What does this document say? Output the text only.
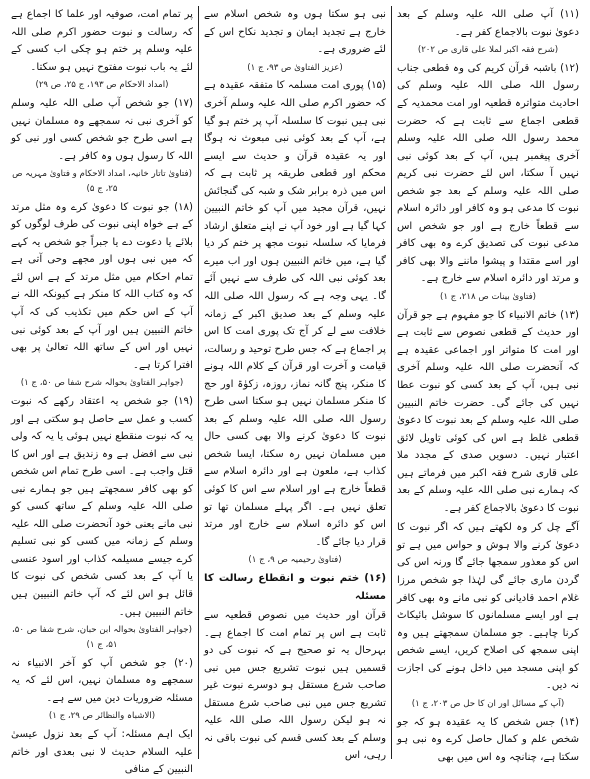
(۱۱) آپ صلی اللہ علیہ وسلم کے بعد دعویٰ نبوت بالاجماع کفر ہے۔

(شرح فقہ اکبر لملا علی قاری ص ۲۰۲)

(۱۲) باشبہ قرآن کریم کی وہ قطعی جناب رسول اللہ صلی اللہ علیہ وسلم کی احادیث متواترہ قطعیہ اور امت محمدیہ کے قطعی اجماع سے ثابت ہے کہ حضرت محمد رسول اللہ صلی اللہ علیہ وسلم آخری پیغمبر ہیں، آپ کے بعد کوئی نبی نہیں آ سکتا، اس لئے حضرت نبی کریم صلی اللہ علیہ وسلم کے بعد جو شخص نبوت کا مدعی ہو وہ کافر اور دائرہ اسلام سے قطعاً خارج ہے اور جو شخص اس مدعی نبوت کی تصدیق کرے وہ بھی کافر اور اسے مقتدا و پیشوا ماننے والا بھی کافر و مرتد اور دائرہ اسلام سے خارج ہے۔

(فتاویٰ بینات ص ۲۱۸، ج ۱)

(۱۳) خاتم الانبیاء کا جو مفہوم ہے جو قرآن اور حدیث کے قطعی نصوص سے ثابت ہے اور امت کا متواتر اور اجماعی عقیدہ ہے کہ آنحضرت صلی اللہ علیہ وسلم آخری نبی ہیں، آپ کے بعد کسی کو نبوت عطا نہیں کی جائے گی۔ حضرت خاتم النبیین صلی اللہ علیہ وسلم کے بعد نبوت کا دعویٰ قطعی غلط ہے اس کی کوئی تاویل لائق اعتبار نہیں۔ دسویں صدی کے مجدد ملا علی قاری شرح فقہ اکبر میں فرماتے ہیں کہ ہمارے نبی صلی اللہ علیہ وسلم کے بعد نبوت کا دعویٰ بالاجماع کفر ہے۔

آگے چل کر وہ لکھتے ہیں کہ اگر نبوت کا دعویٰ کرنے والا ہوش و حواس میں ہے تو اس کو معذور سمجھا جائے گا ورنہ اس کی گردن ماری جائے گی لہٰذا جو شخص مرزا غلام احمد قادیانی کو نبی مانے وہ بھی کافر ہے اور ایسے مسلمانوں کا سوشل بائیکاٹ کرنا چاہیے۔ جو مسلمان سمجھتے ہیں وہ اپنی سمجھ کی اصلاح کریں، ایسے شخص کو اپنی مسجد میں داخل ہونے کی اجازت نہ دیں۔

(آپ کے مسائل اور ان کا حل ص ۲۰۳، ج ۱)

(۱۴) جس شخص کا یہ عقیدہ ہو کہ جو شخص علم و کمال حاصل کرے وہ نبی ہو سکتا ہے، چنانچہ وہ اس میں بھی

نبی ہو سکتا ہوں وہ شخص اسلام سے خارج ہے تجدید ایمان و تجدید نکاح اس کے لئے ضروری ہے۔

(عزیز الفتاویٰ ص ۹۳، ج ۱)

(۱۵) پوری امت مسلمہ کا متفقہ عقیدہ ہے کہ حضور اکرم صلی اللہ علیہ وسلم آخری نبی ہیں نبوت کا سلسلہ آپ پر ختم ہو گیا ہے، آپ کے بعد کوئی نبی مبعوث نہ ہوگا اور یہ عقیدہ قرآن و حدیث سے ایسے محکم اور قطعی طریقہ پر ثابت ہے کہ اس میں ذرہ برابر شک و شبہ کی گنجائش نہیں، قرآن مجید میں آپ کو خاتم النبیین کہا گیا ہے اور خود آپ نے اپنے متعلق ارشاد فرمایا کہ سلسلہ نبوت مجھ پر ختم کر دیا گیا ہے، میں خاتم النبیین ہوں اور اب میرے بعد کوئی نبی اللہ کی طرف سے نہیں آئے گا۔ یہی وجہ ہے کہ رسول اللہ صلی اللہ علیہ وسلم کے بعد صدیق اکبر کے زمانہ خلافت سے لے کر آج تک پوری امت کا اس پر اجماع ہے کہ جس طرح توحید و رسالت، قیامت و آخرت اور قرآن کے کلام اللہ ہونے کا منکر، پنج گانہ نماز، روزہ، زکوٰۃ اور حج کا منکر مسلمان نہیں ہو سکتا اسی طرح رسول اللہ صلی اللہ علیہ وسلم کے بعد نبوت کا دعویٰ کرنے والا بھی کسی حال میں مسلمان نہیں رہ سکتا، ایسا شخص کذاب ہے، ملعون ہے اور دائرہ اسلام سے قطعاً خارج ہے اور اسلام سے اس کا کوئی تعلق نہیں ہے۔ اگر پہلے مسلمان تھا تو اس کو دائرہ اسلام سے خارج اور مرتد قرار دیا جائے گا۔

(فتاویٰ رحیمیہ ص ۹، ج ۱)

(۱۶) ختم نبوت و انقطاع رسالت کا مسئلہ

قرآن اور حدیث میں نصوص قطعیہ سے ثابت ہے اس پر تمام امت کا اجماع ہے۔ بہرحال یہ تو صحیح ہے کہ نبوت کی دو قسمیں ہیں نبوت تشریع جس میں نبی صاحب شرع مستقل ہو دوسرے نبوت غیر تشریع جس میں نبی صاحب شرع مستقل نہ ہو لیکن رسول اللہ صلی اللہ علیہ وسلم کے بعد کسی قسم کی نبوت باقی نہ رہی، اس

پر تمام امت، صوفیہ اور علما کا اجماع ہے کہ رسالت و نبوت حضور اکرم صلی اللہ علیہ وسلم پر ختم ہو چکی اب کسی کے لئے یہ باب نبوت مفتوح نہیں ہو سکتا۔

(امداد الاحکام ص ۱۹۳، ج ۲۵، ص ۲۹)

(۱۷) جو شخص آپ صلی اللہ علیہ وسلم کو آخری نبی نہ سمجھے وہ مسلمان نہیں ہے اسی طرح جو شخص کسی اور نبی کو اللہ کا رسول ہوں وہ کافر ہے۔

(فتاویٰ تاتار خانیہ، امداد الاحکام و فتاویٰ مہریہ ص ۲۵، ج ۵)

(۱۸) جو نبوت کا دعویٰ کرے وہ مثل مرتد کے ہے خواہ اپنی نبوت کی طرف لوگوں کو بلائے یا دعوت دے یا جبراً جو شخص یہ کہے کہ میں نبی ہوں اور مجھے وحی آتی ہے تمام احکام میں مثل مرتد کے ہے اس لئے کہ وہ کتاب اللہ کا منکر ہے کیونکہ اللہ نے آپ کے اس حکم میں تکذیب کی کہ آپ خاتم النبیین ہیں اور آپ کے بعد کوئی نبی نہیں اور اس کے ساتھ اللہ تعالیٰ پر بھی افترا کرتا ہے۔

(جواہر الفتاویٰ بحوالہ شرح شفا ص ۵۰، ج ۱)

(۱۹) جو شخص یہ اعتقاد رکھے کہ نبوت کسب و عمل سے حاصل ہو سکتی ہے اور یہ کہ نبوت منقطع نہیں ہوئی یا یہ کہ ولی نبی سے افضل ہے وہ زندیق ہے اور اس کا قتل واجب ہے۔ اسی طرح تمام اس شخص کو بھی کافر سمجھتے ہیں جو ہمارے نبی صلی اللہ علیہ وسلم کے ساتھ کسی کو نبی مانے یعنی خود آنحضرت صلی اللہ علیہ وسلم کے زمانہ میں کسی کو نبی تسلیم کرے جیسے مسیلمہ کذاب اور اسود عنسی یا آپ کے بعد کسی شخص کی نبوت کا قائل ہو اس لئے کہ آپ خاتم النبیین ہیں خاتم النبیین ہیں۔

(جواہر الفتاویٰ بحوالہ ابن حبان، شرح شفا ص ۵۰، ۵۱، ج ۱)

(۲۰) جو شخص آپ کو آخر الانبیاء نہ سمجھے وہ مسلمان نہیں، اس لئے کہ یہ مسئلہ ضروریات دین میں سے ہے۔

(الاشباہ والنظائر ص ۲۹، ج ۱)

ایک اہم مسئلہ: آپ کے بعد نزول عیسیٰ علیہ السلام حدیث لا نبی بعدی اور خاتم النبیین کے منافی
